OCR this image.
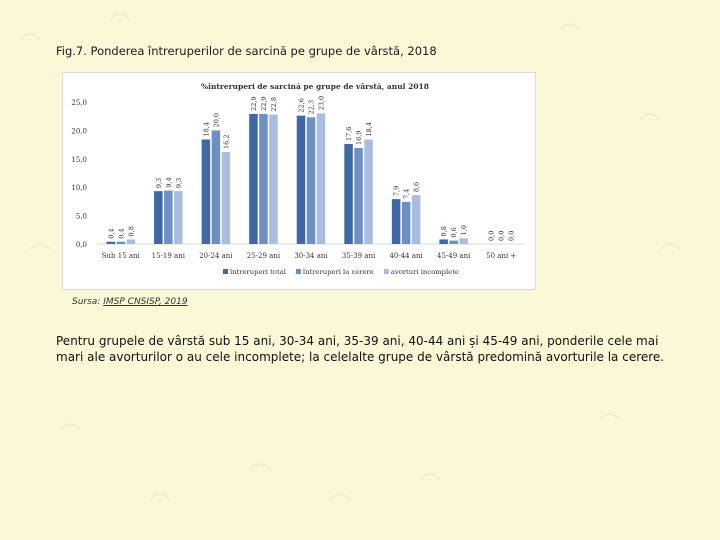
Fig.7. Ponderea întreruperilor de sarcină pe grupe de vârstă, 2018
%întreruperi de sarcină pe grupe de vârstă, anul 2018
0,0
5,0
10,0
15,0
20,0
25,0
0,4 0,4 0,8
9,3 9,4 9,3
18,4
20,0
16,2
22,9 22,9 22,8	22,6 22,3 23,0
17,6 16,9
18,4
7,9 7,4
8,6
0,8 0,6 1,0
0,0 0,0 0,0
Sub 15 ani 15-19 ani 20-24 ani 25-29 ani 30-34 ani 35-39 ani 40-44 ani 45-49 ani 50 ani +
întreruperi total	întreruperi la cerere	avorturi incomplete
Sursa: IMSP CNSISP, 2019
Pentru grupele de vârstă sub 15 ani, 30-34 ani, 35-39 ani, 40-44 ani și 45-49 ani, ponderile cele mai mari ale avorturilor o au cele incomplete; la celelalte grupe de vârstă predomină avorturile la cerere.
